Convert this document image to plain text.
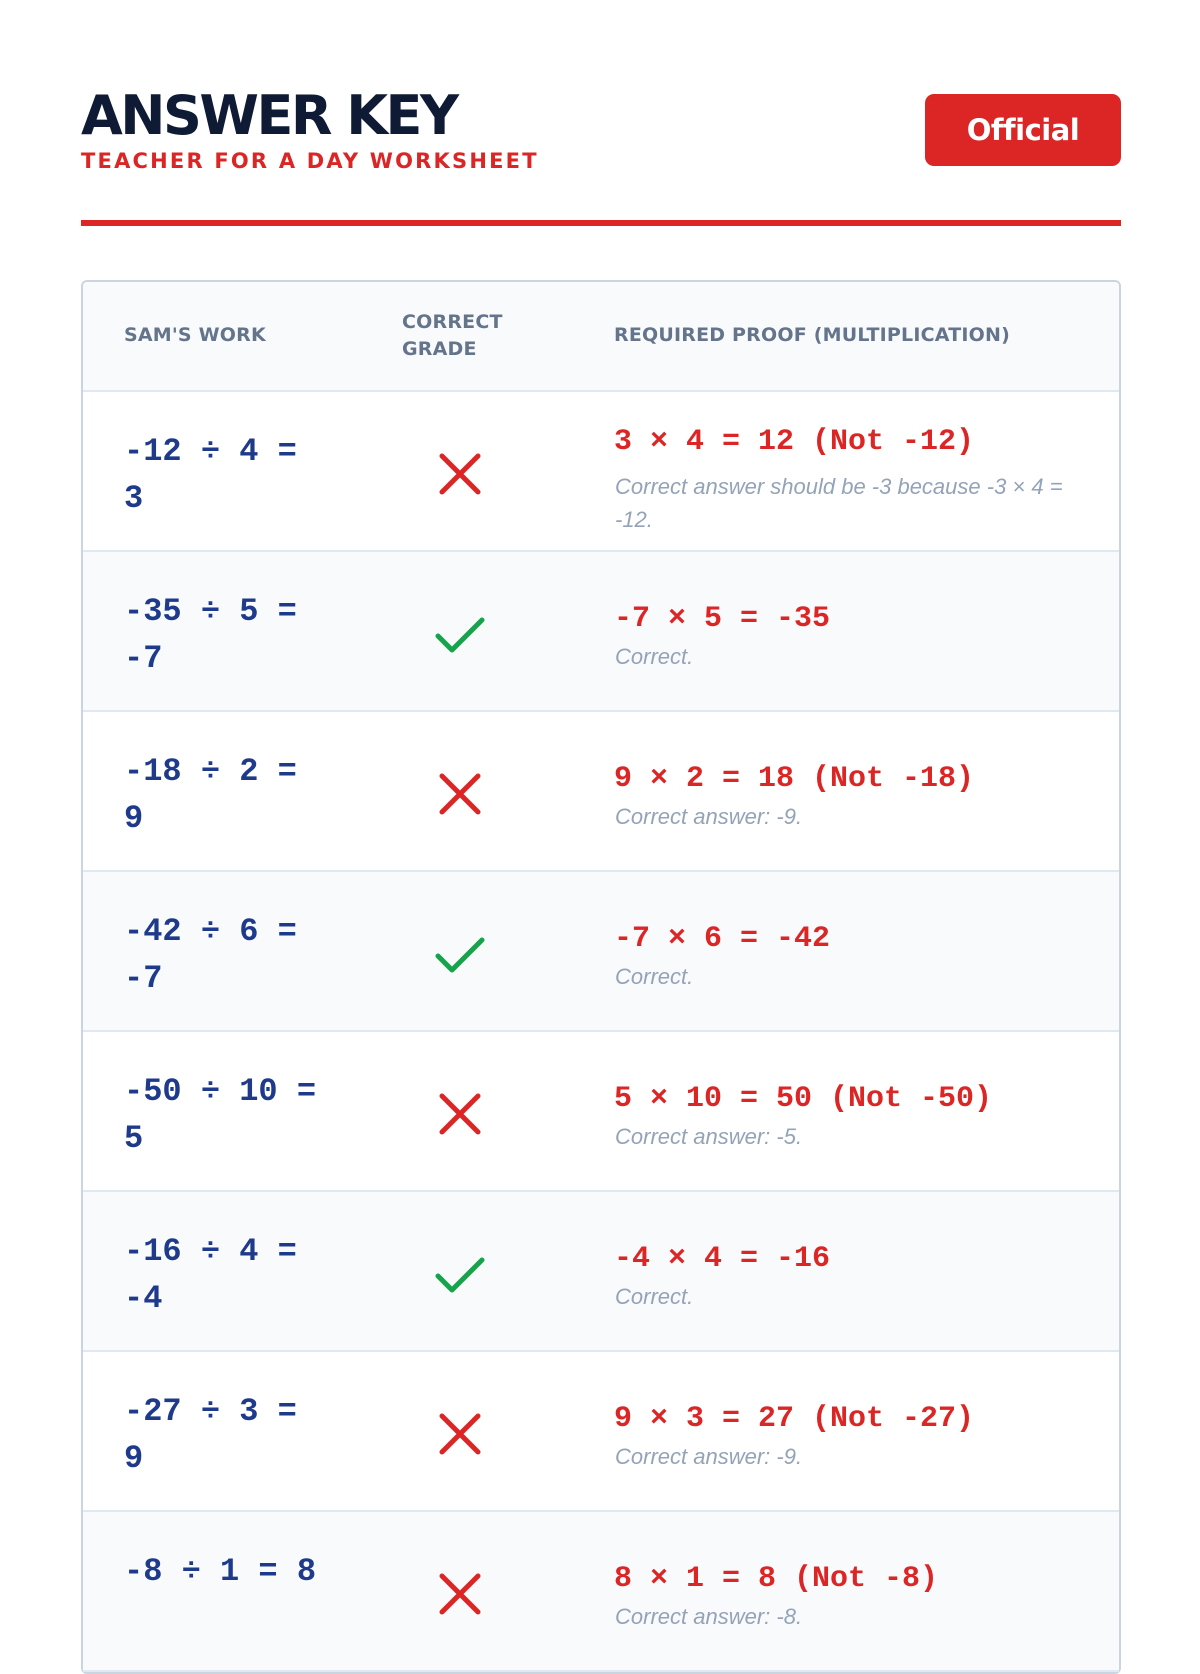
ANSWER KEY
TEACHER FOR A DAY WORKSHEET
Official
SAM'S WORK
CORRECT GRADE
REQUIRED PROOF (MULTIPLICATION)
-12 ÷ 4 = 3
3 × 4 = 12 (Not -12)
Correct answer should be -3 because -3 × 4 = -12.
-35 ÷ 5 = -7
-7 × 5 = -35
Correct.
-18 ÷ 2 = 9
9 × 2 = 18 (Not -18)
Correct answer: -9.
-42 ÷ 6 = -7
-7 × 6 = -42
Correct.
-50 ÷ 10 = 5
5 × 10 = 50 (Not -50)
Correct answer: -5.
-16 ÷ 4 = -4
-4 × 4 = -16
Correct.
-27 ÷ 3 = 9
9 × 3 = 27 (Not -27)
Correct answer: -9.
-8 ÷ 1 = 8	8 × 1 = 8 (Not -8)
Correct answer: -8.
